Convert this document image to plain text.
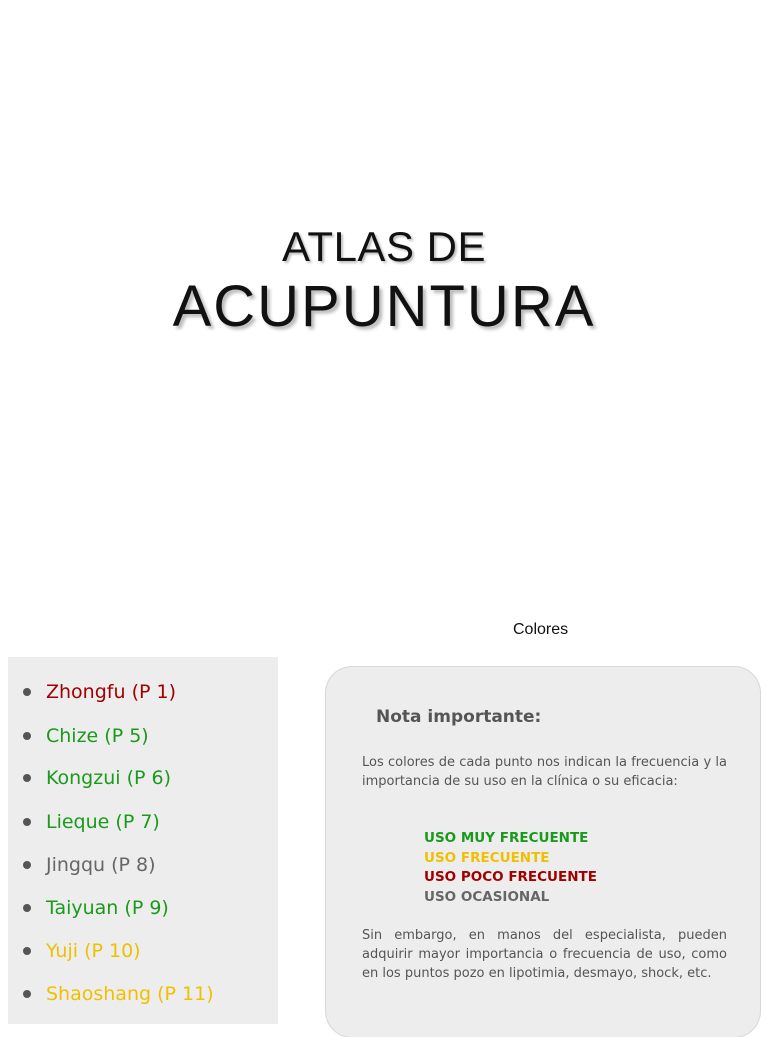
ATLAS DE
ACUPUNTURA
Colores
Zhongfu (P 1)
Chize (P 5)
Kongzui (P 6)
Lieque (P 7)
Jingqu (P 8)
Taiyuan (P 9)
Yuji (P 10)
Shaoshang (P 11)
Nota importante:
Los colores de cada punto nos indican la frecuencia y la importancia de su uso en la clínica o su eficacia:
USO MUY FRECUENTE
USO FRECUENTE
USO POCO FRECUENTE
USO OCASIONAL
Sin embargo, en manos del especialista, pueden adquirir mayor importancia o frecuencia de uso, como en los puntos pozo en lipotimia, desmayo, shock, etc.
